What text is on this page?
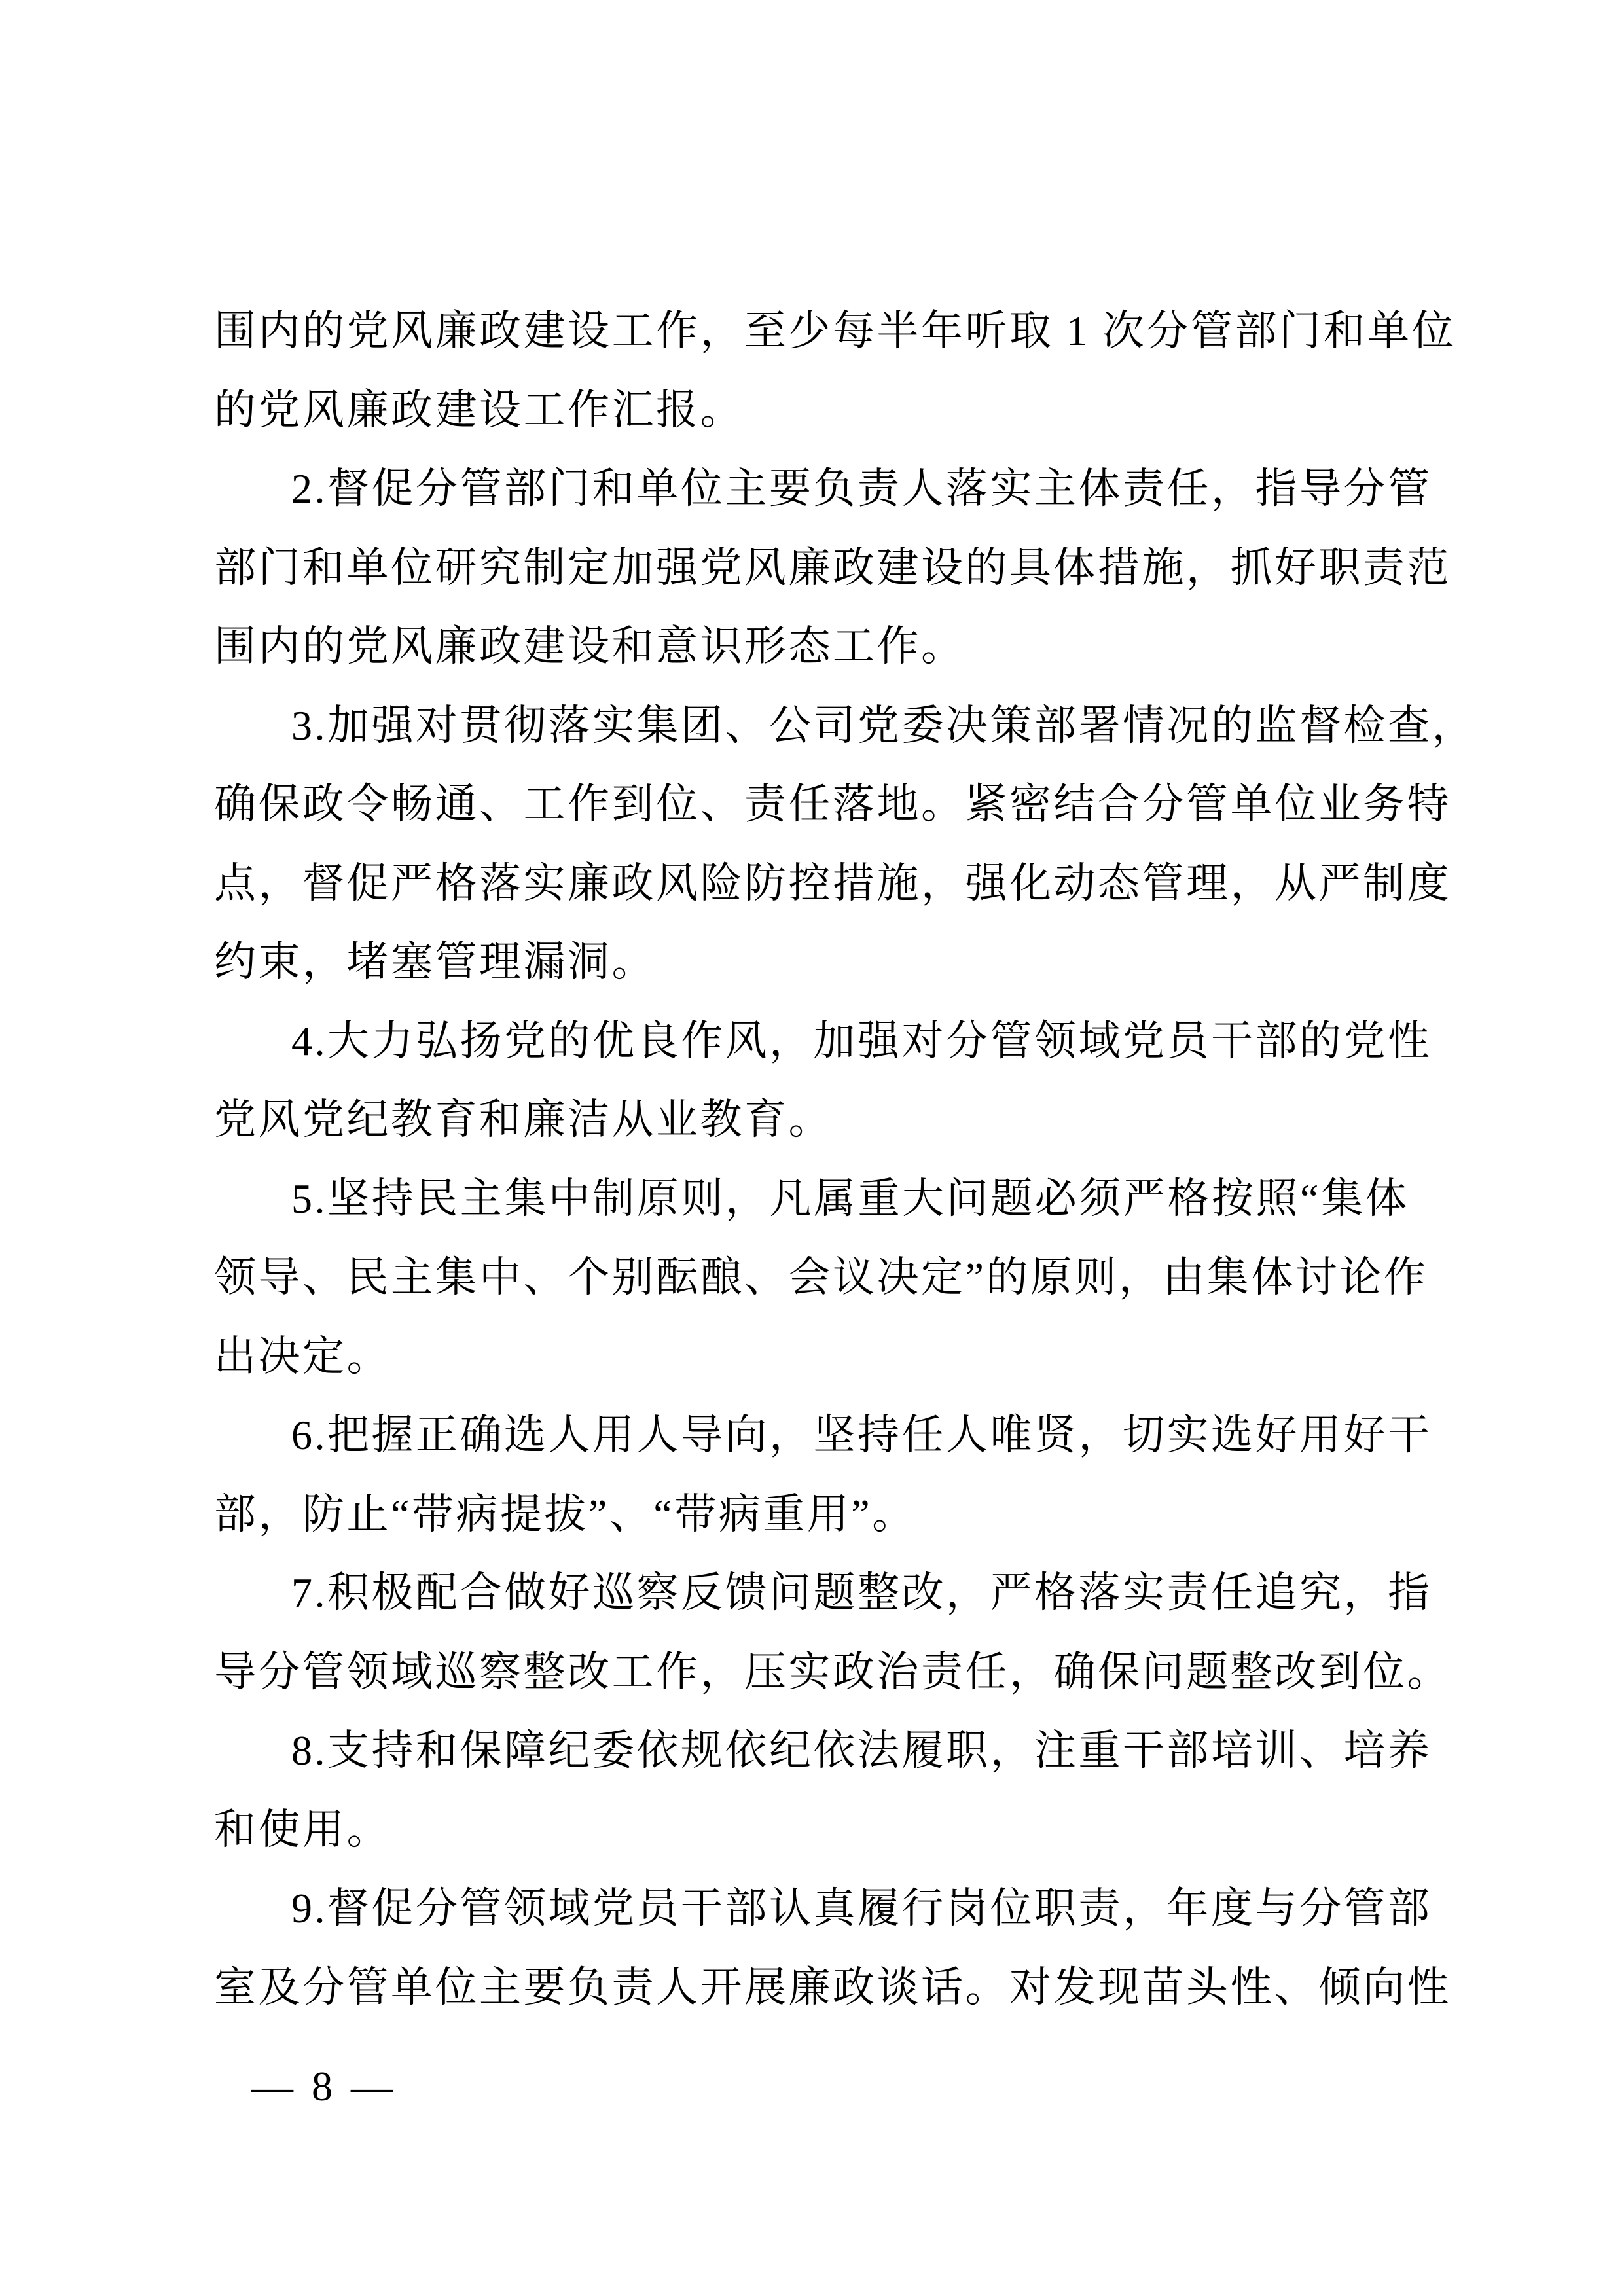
围内的党风廉政建设工作，至少每半年听取 1 次分管部门和单位
的党风廉政建设工作汇报。
2.督促分管部门和单位主要负责人落实主体责任，指导分管
部门和单位研究制定加强党风廉政建设的具体措施，抓好职责范
围内的党风廉政建设和意识形态工作。
3.加强对贯彻落实集团、公司党委决策部署情况的监督检查，
确保政令畅通、工作到位、责任落地。紧密结合分管单位业务特
点，督促严格落实廉政风险防控措施，强化动态管理，从严制度
约束，堵塞管理漏洞。
4.大力弘扬党的优良作风，加强对分管领域党员干部的党性
党风党纪教育和廉洁从业教育。
5.坚持民主集中制原则，凡属重大问题必须严格按照“集体
领导、民主集中、个别酝酿、会议决定”的原则，由集体讨论作
出决定。
6.把握正确选人用人导向，坚持任人唯贤，切实选好用好干
部，防止“带病提拔”、“带病重用”。
7.积极配合做好巡察反馈问题整改，严格落实责任追究，指
导分管领域巡察整改工作，压实政治责任，确保问题整改到位。
8.支持和保障纪委依规依纪依法履职，注重干部培训、培养
和使用。
9.督促分管领域党员干部认真履行岗位职责，年度与分管部
室及分管单位主要负责人开展廉政谈话。对发现苗头性、倾向性
— 8 —
